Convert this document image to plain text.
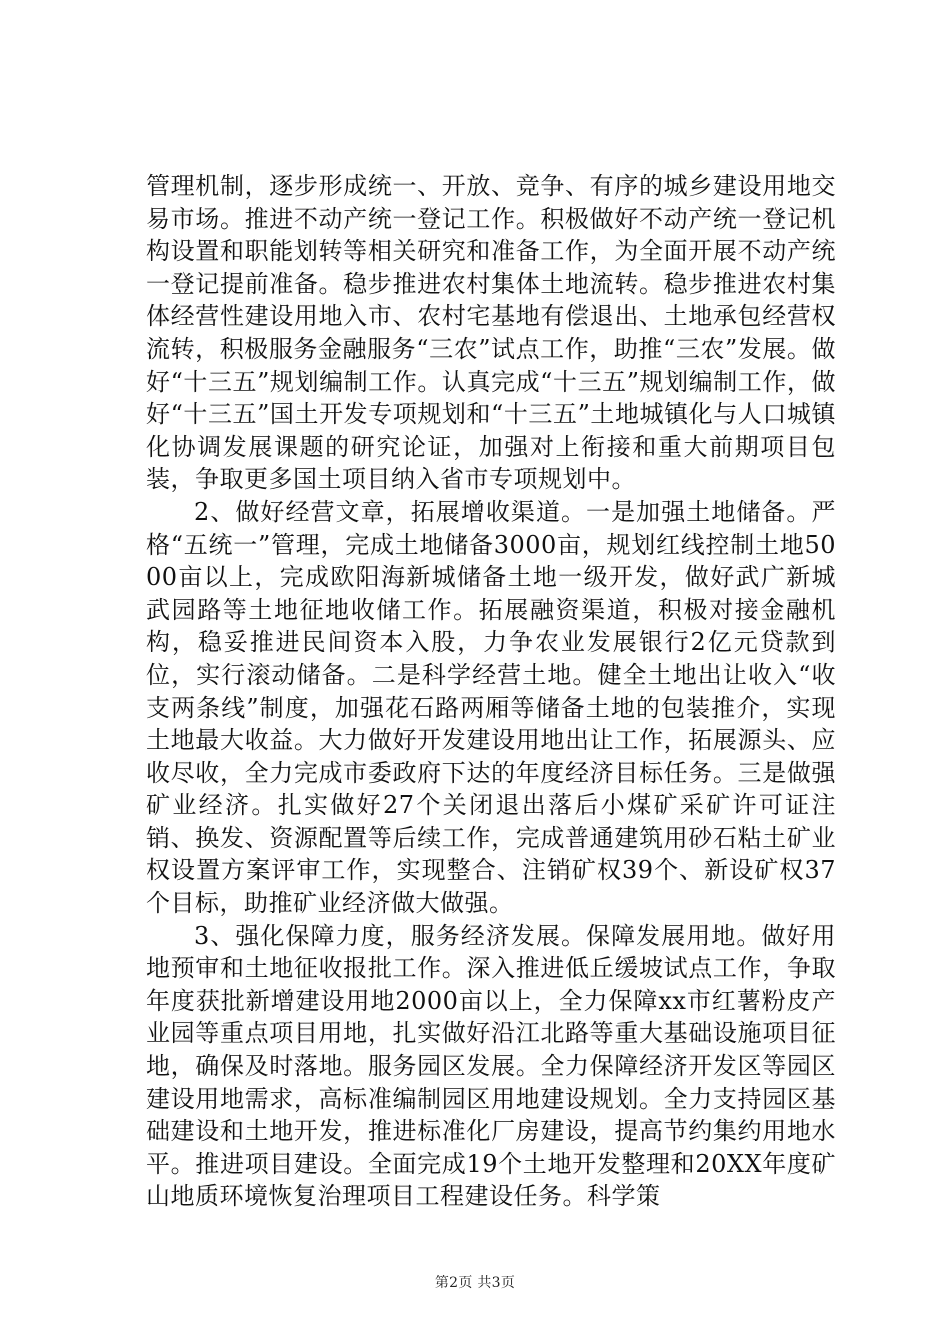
管理机制，逐步形成统一、开放、竞争、有序的城乡建设用地交易市场。推进不动产统一登记工作。积极做好不动产统一登记机构设置和职能划转等相关研究和准备工作，为全面开展不动产统一登记提前准备。稳步推进农村集体土地流转。稳步推进农村集体经营性建设用地入市、农村宅基地有偿退出、土地承包经营权流转，积极服务金融服务“三农”试点工作，助推“三农”发展。做好“十三五”规划编制工作。认真完成“十三五”规划编制工作，做好“十三五”国土开发专项规划和“十三五”土地城镇化与人口城镇化协调发展课题的研究论证，加强对上衔接和重大前期项目包装，争取更多国土项目纳入省市专项规划中。

2、做好经营文章，拓展增收渠道。一是加强土地储备。严格“五统一”管理，完成土地储备3000亩，规划红线控制土地5000亩以上，完成欧阳海新城储备土地一级开发，做好武广新城武园路等土地征地收储工作。拓展融资渠道，积极对接金融机构，稳妥推进民间资本入股，力争农业发展银行2亿元贷款到位，实行滚动储备。二是科学经营土地。健全土地出让收入“收支两条线”制度，加强花石路两厢等储备土地的包装推介，实现土地最大收益。大力做好开发建设用地出让工作，拓展源头、应收尽收，全力完成市委政府下达的年度经济目标任务。三是做强矿业经济。扎实做好27个关闭退出落后小煤矿采矿许可证注销、换发、资源配置等后续工作，完成普通建筑用砂石粘土矿业权设置方案评审工作，实现整合、注销矿权39个、新设矿权37个目标，助推矿业经济做大做强。

3、强化保障力度，服务经济发展。保障发展用地。做好用地预审和土地征收报批工作。深入推进低丘缓坡试点工作，争取年度获批新增建设用地2000亩以上，全力保障xx市红薯粉皮产业园等重点项目用地，扎实做好沿江北路等重大基础设施项目征地，确保及时落地。服务园区发展。全力保障经济开发区等园区建设用地需求，高标准编制园区用地建设规划。全力支持园区基础建设和土地开发，推进标准化厂房建设，提高节约集约用地水平。推进项目建设。全面完成19个土地开发整理和20XX年度矿山地质环境恢复治理项目工程建设任务。科学策

第2页 共3页
